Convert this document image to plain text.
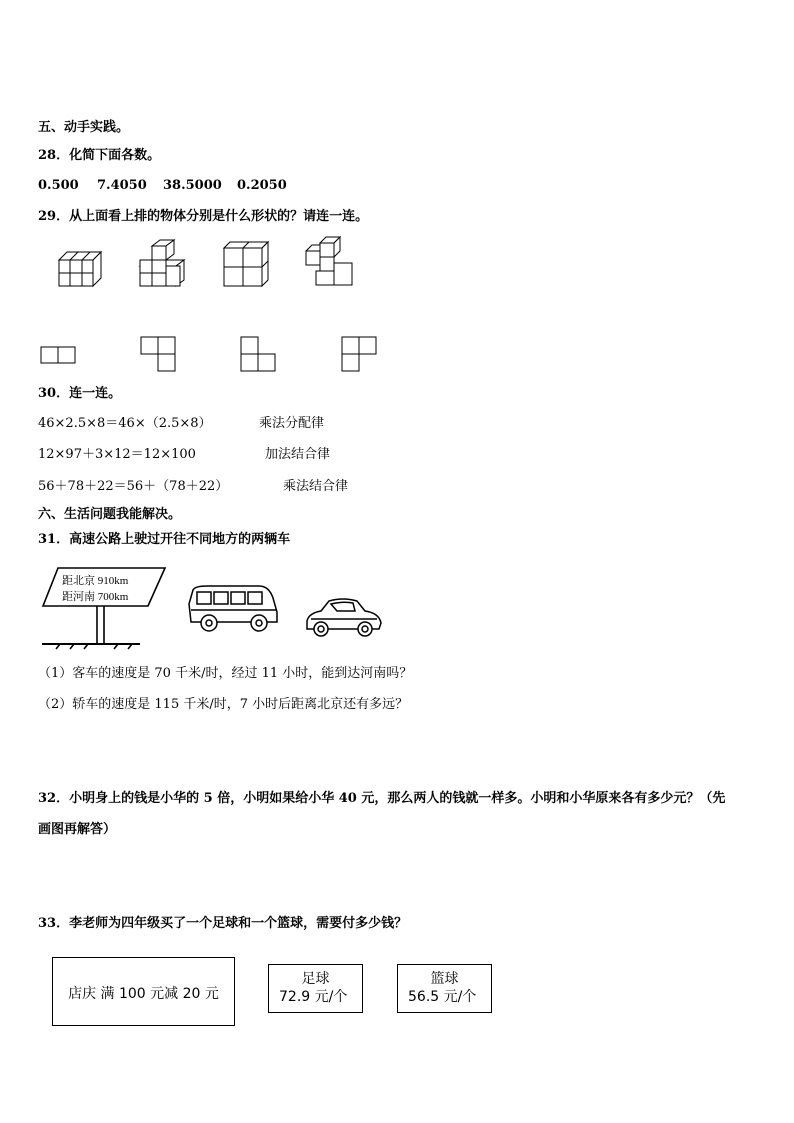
五、动手实践。
28．化简下面各数。
0.500 7.4050 38.5000 0.2050
29．从上面看上排的物体分别是什么形状的？请连一连。
30．连一连。
46×2.5×8＝46×（2.5×8）
12×97＋3×12＝12×100
56＋78＋22＝56＋（78＋22）
乘法分配律
加法结合律
乘法结合律
六、生活问题我能解决。
31．高速公路上驶过开往不同地方的两辆车
距北京 910km
距河南 700km
（1）客车的速度是 70 千米/时，经过 11 小时，能到达河南吗？
（2）轿车的速度是 115 千米/时，7 小时后距离北京还有多远？
32．小明身上的钱是小华的 5 倍，小明如果给小华 40 元，那么两人的钱就一样多。小明和小华原来各有多少元？（先
画图再解答）
33．李老师为四年级买了一个足球和一个篮球，需要付多少钱？
店庆 满 100 元减 20 元
足球
72.9 元/个
篮球
56.5 元/个
